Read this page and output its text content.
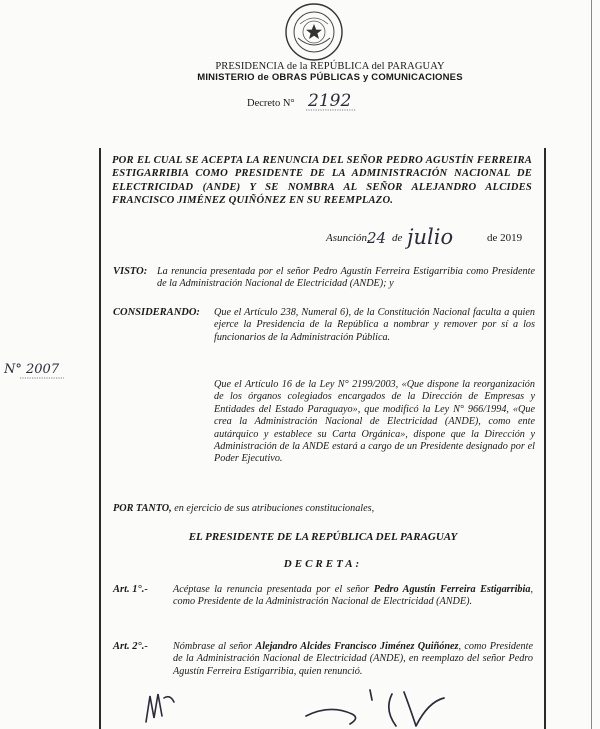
PRESIDENCIA de la REPÚBLICA del PARAGUAY
MINISTERIO de OBRAS PÚBLICAS y COMUNICACIONES
Decreto N° 2192
POR EL CUAL SE ACEPTA LA RENUNCIA DEL SEÑOR PEDRO AGUSTÍN FERREIRA ESTIGARRIBIA COMO PRESIDENTE DE LA ADMINISTRACIÓN NACIONAL DE ELECTRICIDAD (ANDE) Y SE NOMBRA AL SEÑOR ALEJANDRO ALCIDES FRANCISCO JIMÉNEZ QUIÑÓNEZ EN SU REEMPLAZO.
Asunción,
24 de julio	de 2019
N° 2007
VISTO: La renuncia presentada por el señor Pedro Agustín Ferreira Estigarribia como Presidente de la Administración Nacional de Electricidad (ANDE); y
CONSIDERANDO: Que el Artículo 238, Numeral 6), de la Constitución Nacional faculta a quien ejerce la Presidencia de la República a nombrar y remover por sí a los funcionarios de la Administración Pública.
Que el Artículo 16 de la Ley N° 2199/2003, «Que dispone la reorganización de los órganos colegiados encargados de la Dirección de Empresas y Entidades del Estado Paraguayo», que modificó la Ley N° 966/1994, «Que crea la Administración Nacional de Electricidad (ANDE), como ente autárquico y establece su Carta Orgánica», dispone que la Dirección y Administración de la ANDE estará a cargo de un Presidente designado por el Poder Ejecutivo.
POR TANTO, en ejercicio de sus atribuciones constitucionales,
EL PRESIDENTE DE LA REPÚBLICA DEL PARAGUAY
DECRETA:
Art. 1°.- Acéptase la renuncia presentada por el señor Pedro Agustín Ferreira Estigarribia, como Presidente de la Administración Nacional de Electricidad (ANDE).
Art. 2°.- Nómbrase al señor Alejandro Alcides Francisco Jiménez Quiñónez, como Presidente de la Administración Nacional de Electricidad (ANDE), en reemplazo del señor Pedro Agustín Ferreira Estigarribia, quien renunció.
